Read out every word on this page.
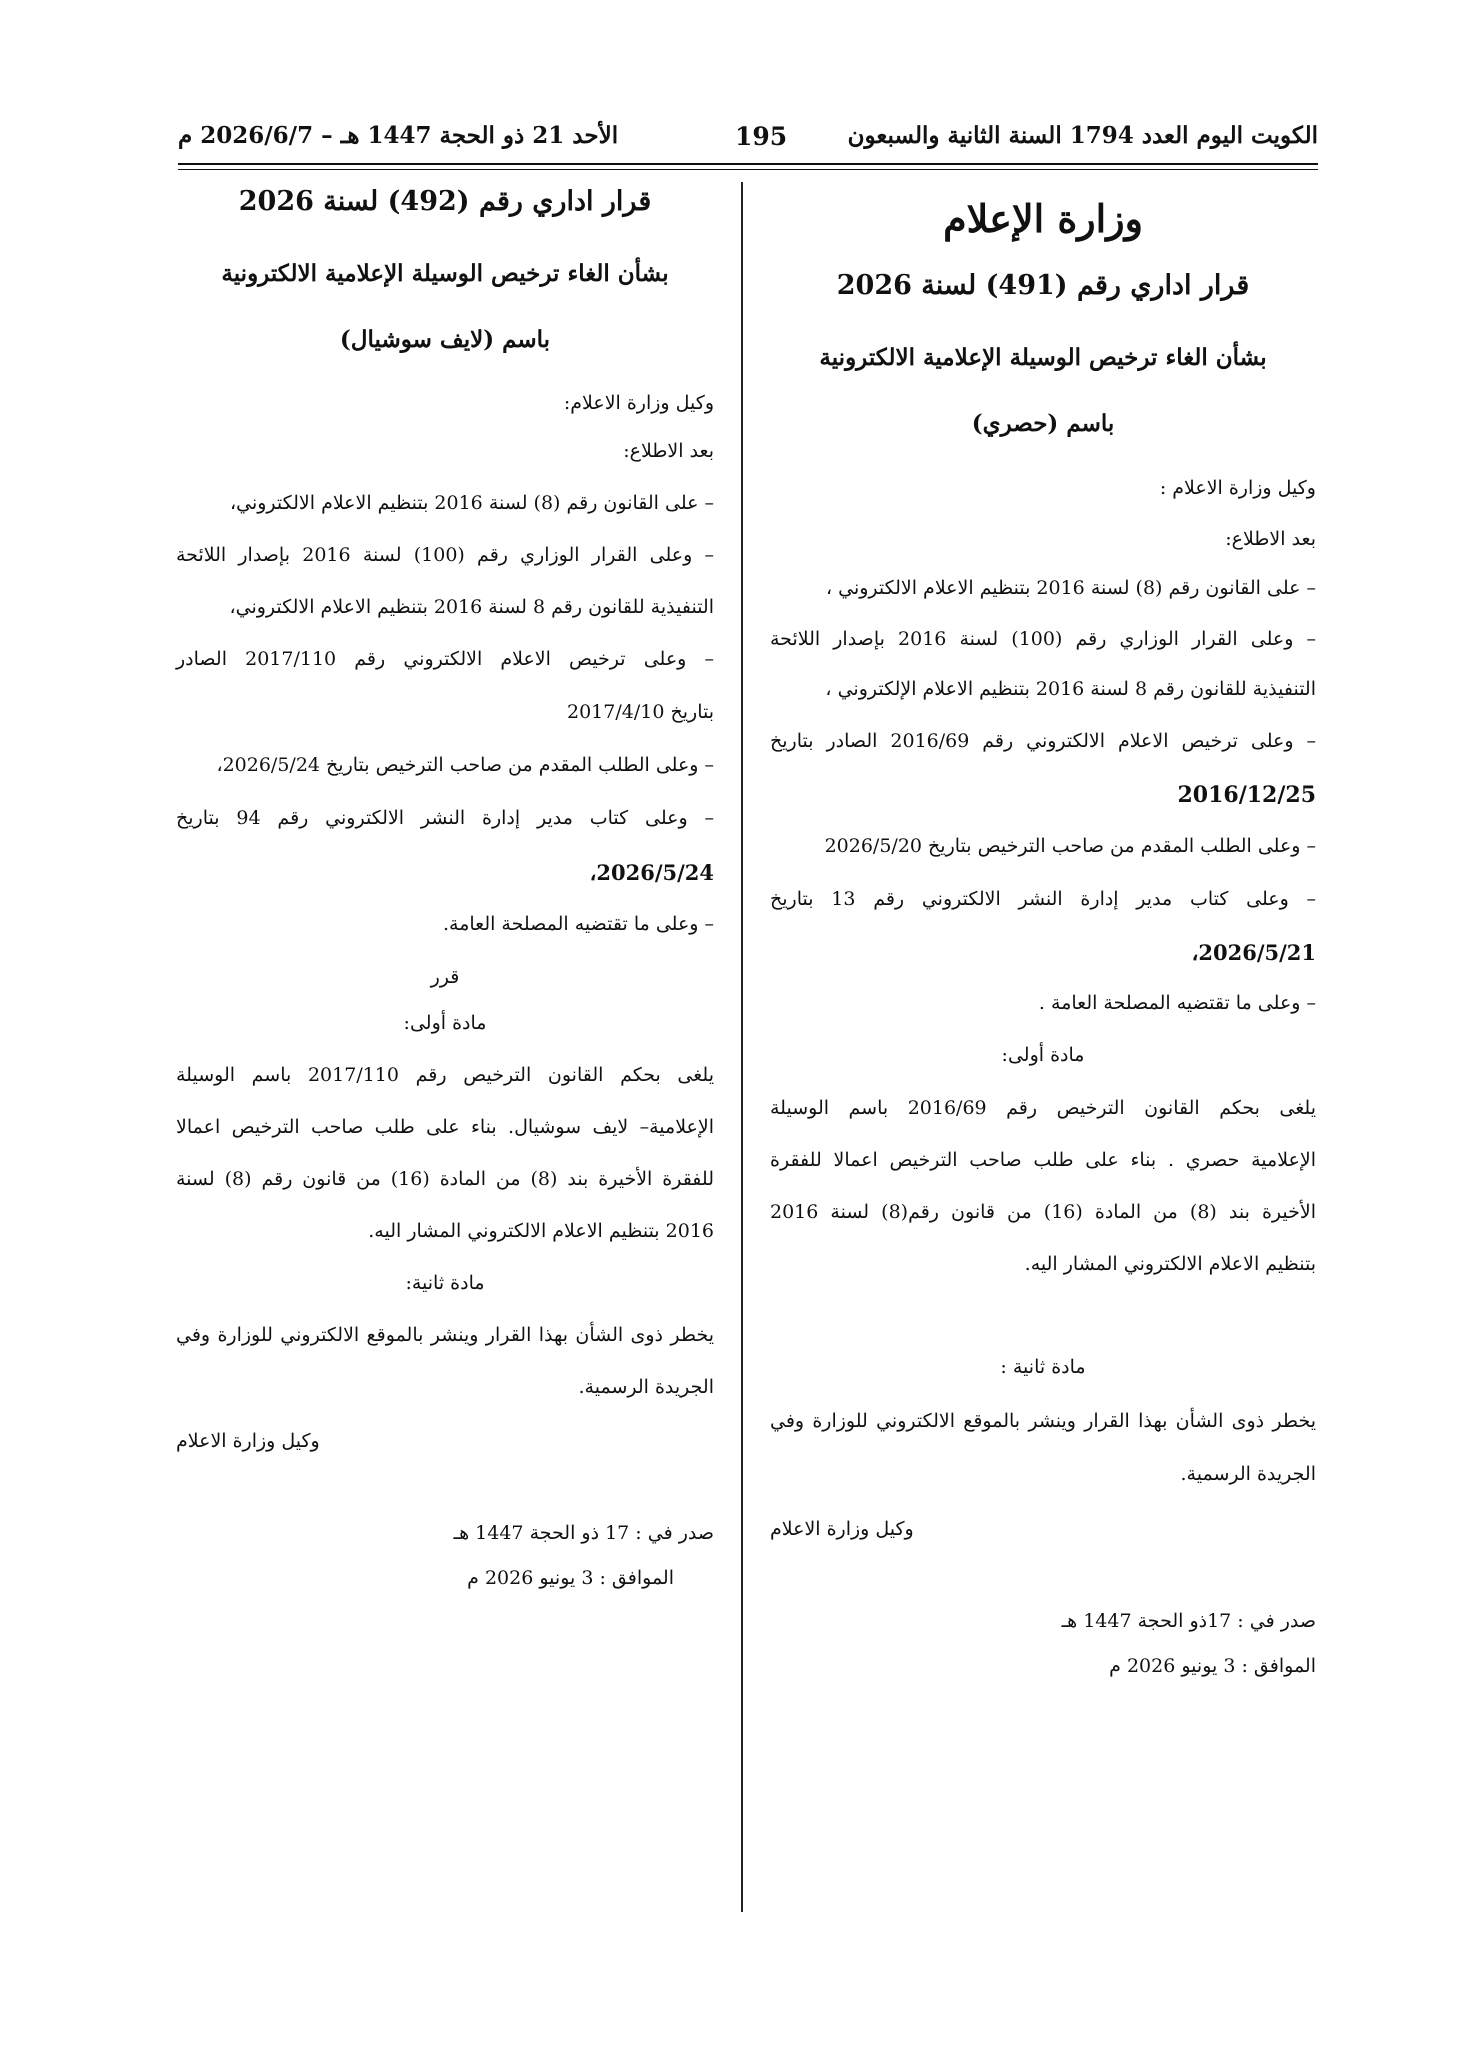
الأحد 21 ذو الحجة 1447 هـ – 2026/6/7 م	195	الكويت اليوم العدد 1794 السنة الثانية والسبعون
وزارة الإعلام
قرار اداري رقم (491) لسنة 2026
بشأن الغاء ترخيص الوسيلة الإعلامية الالكترونية
باسم (حصري)
وكيل وزارة الاعلام :
بعد الاطلاع:
– على القانون رقم (8) لسنة 2016 بتنظيم الاعلام الالكتروني ،
– وعلى القرار الوزاري رقم (100) لسنة 2016 بإصدار اللائحة
التنفيذية للقانون رقم 8 لسنة 2016 بتنظيم الاعلام الإلكتروني ،
– وعلى ترخيص الاعلام الالكتروني رقم 2016/69 الصادر بتاريخ
2016/12/25
– وعلى الطلب المقدم من صاحب الترخيص بتاريخ 2026/5/20
– وعلى كتاب مدير إدارة النشر الالكتروني رقم 13 بتاريخ
2026/5/21،
– وعلى ما تقتضيه المصلحة العامة .
مادة أولى:
يلغى بحكم القانون الترخيص رقم 2016/69 باسم الوسيلة
الإعلامية حصري . بناء على طلب صاحب الترخيص اعمالا للفقرة
الأخيرة بند (8) من المادة (16) من قانون رقم(8) لسنة 2016
بتنظيم الاعلام الالكتروني المشار اليه.
مادة ثانية :
يخطر ذوى الشأن بهذا القرار وينشر بالموقع الالكتروني للوزارة وفي
الجريدة الرسمية.
وكيل وزارة الاعلام
صدر في : 17ذو الحجة 1447 هـ
الموافق : 3 يونيو 2026 م
قرار اداري رقم (492) لسنة 2026
بشأن الغاء ترخيص الوسيلة الإعلامية الالكترونية
باسم (لايف سوشيال)
وكيل وزارة الاعلام:
بعد الاطلاع:
– على القانون رقم (8) لسنة 2016 بتنظيم الاعلام الالكتروني،
– وعلى القرار الوزاري رقم (100) لسنة 2016 بإصدار اللائحة
التنفيذية للقانون رقم 8 لسنة 2016 بتنظيم الاعلام الالكتروني،
– وعلى ترخيص الاعلام الالكتروني رقم 2017/110 الصادر
بتاريخ 2017/4/10
– وعلى الطلب المقدم من صاحب الترخيص بتاريخ 2026/5/24،
– وعلى كتاب مدير إدارة النشر الالكتروني رقم 94 بتاريخ
2026/5/24،
– وعلى ما تقتضيه المصلحة العامة.
قرر
مادة أولى:
يلغى بحكم القانون الترخيص رقم 2017/110 باسم الوسيلة
الإعلامية– لايف سوشيال. بناء على طلب صاحب الترخيص اعمالا
للفقرة الأخيرة بند (8) من المادة (16) من قانون رقم (8) لسنة
2016 بتنظيم الاعلام الالكتروني المشار اليه.
مادة ثانية:
يخطر ذوى الشأن بهذا القرار وينشر بالموقع الالكتروني للوزارة وفي
الجريدة الرسمية.
وكيل وزارة الاعلام
صدر في : 17 ذو الحجة 1447 هـ
الموافق : 3 يونيو 2026 م
